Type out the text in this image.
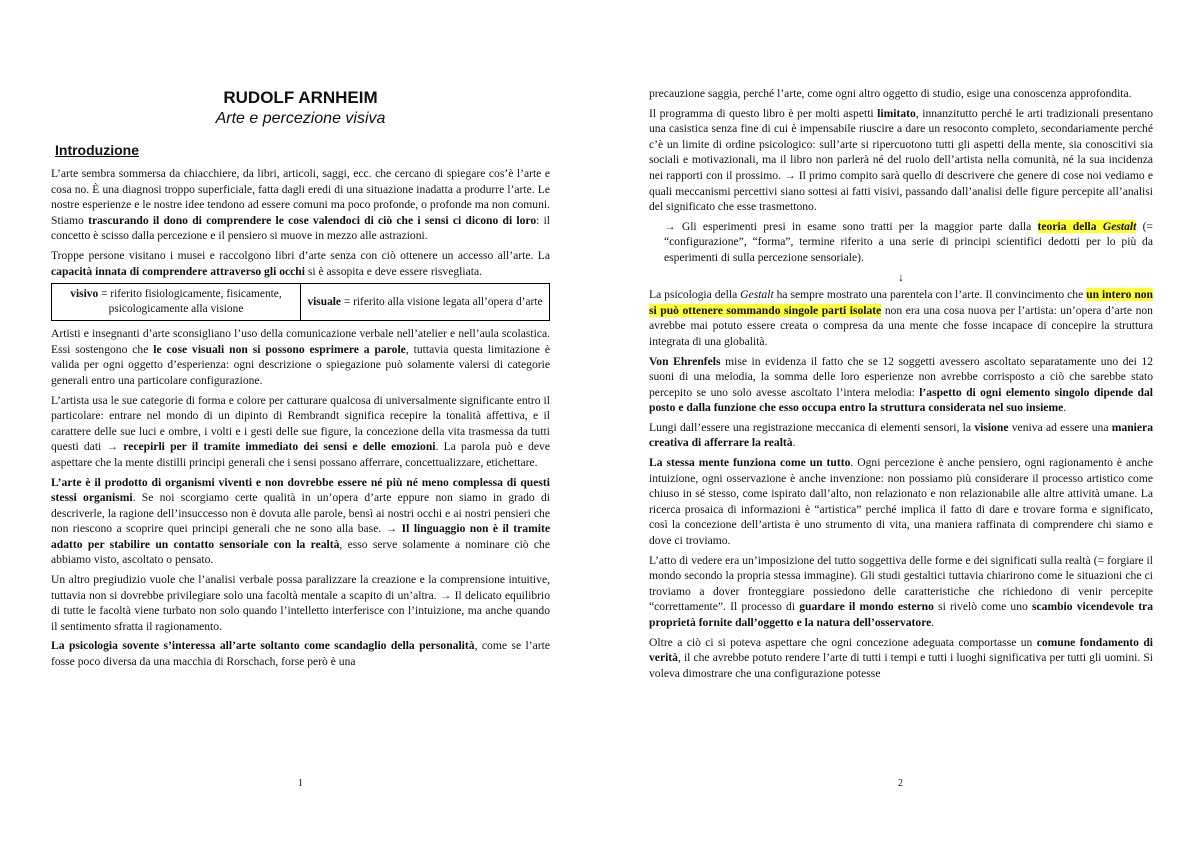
RUDOLF ARNHEIM
Arte e percezione visiva
Introduzione

L’arte sembra sommersa da chiacchiere, da libri, articoli, saggi, ecc. che cercano di spiegare cos’è l’arte e cosa no. È una diagnosi troppo superficiale, fatta dagli eredi di una situazione inadatta a produrre l’arte. Le nostre esperienze e le nostre idee tendono ad essere comuni ma poco profonde, o profonde ma non comuni. Stiamo trascurando il dono di comprendere le cose valendoci di ciò che i sensi ci dicono di loro: il concetto è scisso dalla percezione e il pensiero si muove in mezzo alle astrazioni.

Troppe persone visitano i musei e raccolgono libri d’arte senza con ciò ottenere un accesso all’arte. La capacità innata di comprendere attraverso gli occhi si è assopita e deve essere risvegliata.

visivo = riferito fisiologicamente, fisicamente, psicologicamente alla visione	visuale = riferito alla visione legata all’opera d’arte

Artisti e insegnanti d’arte sconsigliano l’uso della comunicazione verbale nell’atelier e nell’aula scolastica. Essi sostengono che le cose visuali non si possono esprimere a parole, tuttavia questa limitazione è valida per ogni oggetto d’esperienza: ogni descrizione o spiegazione può solamente valersi di categorie generali entro una particolare configurazione.

L’artista usa le sue categorie di forma e colore per catturare qualcosa di universalmente significante entro il particolare: entrare nel mondo di un dipinto di Rembrandt significa recepire la tonalità affettiva, e il carattere delle sue luci e ombre, i volti e i gesti delle sue figure, la concezione della vita trasmessa da tutti questi dati → recepirli per il tramite immediato dei sensi e delle emozioni. La parola può e deve aspettare che la mente distilli principi generali che i sensi possano afferrare, concettualizzare, etichettare.

L’arte è il prodotto di organismi viventi e non dovrebbe essere né più né meno complessa di questi stessi organismi. Se noi scorgiamo certe qualità in un’opera d’arte eppure non siamo in grado di descriverle, la ragione dell’insuccesso non è dovuta alle parole, bensì ai nostri occhi e ai nostri pensieri che non riescono a scoprire quei principi generali che ne sono alla base. → Il linguaggio non è il tramite adatto per stabilire un contatto sensoriale con la realtà, esso serve solamente a nominare ciò che abbiamo visto, ascoltato o pensato.

Un altro pregiudizio vuole che l’analisi verbale possa paralizzare la creazione e la comprensione intuitive, tuttavia non si dovrebbe privilegiare solo una facoltà mentale a scapito di un’altra. → Il delicato equilibrio di tutte le facoltà viene turbato non solo quando l’intelletto interferisce con l’intuizione, ma anche quando il sentimento sfratta il ragionamento.

La psicologia sovente s’interessa all’arte soltanto come scandaglio della personalità, come se l’arte fosse poco diversa da una macchia di Rorschach, forse però è una

1

precauzione saggia, perché l’arte, come ogni altro oggetto di studio, esige una conoscenza approfondita.

Il programma di questo libro è per molti aspetti limitato, innanzitutto perché le arti tradizionali presentano una casistica senza fine di cui è impensabile riuscire a dare un resoconto completo, secondariamente perché c’è un limite di ordine psicologico: sull’arte si ripercuotono tutti gli aspetti della mente, sia conoscitivi sia sociali e motivazionali, ma il libro non parlerà né del ruolo dell’artista nella comunità, né la sua incidenza nei rapporti con il prossimo. → Il primo compito sarà quello di descrivere che genere di cose noi vediamo e quali meccanismi percettivi siano sottesi ai fatti visivi, passando dall’analisi delle figure percepite all’analisi del significato che esse trasmettono.

→ Gli esperimenti presi in esame sono tratti per la maggior parte dalla teoria della Gestalt (= “configurazione”, “forma”, termine riferito a una serie di principi scientifici dedotti per lo più da esperimenti di sulla percezione sensoriale).

↓

La psicologia della Gestalt ha sempre mostrato una parentela con l’arte. Il convincimento che un intero non si può ottenere sommando singole parti isolate non era una cosa nuova per l’artista: un’opera d’arte non avrebbe mai potuto essere creata o compresa da una mente che fosse incapace di concepire la struttura integrata di una globalità.

Von Ehrenfels mise in evidenza il fatto che se 12 soggetti avessero ascoltato separatamente uno dei 12 suoni di una melodia, la somma delle loro esperienze non avrebbe corrisposto a ciò che sarebbe stato percepito se uno solo avesse ascoltato l’intera melodia: l’aspetto di ogni elemento singolo dipende dal posto e dalla funzione che esso occupa entro la struttura considerata nel suo insieme.

Lungi dall’essere una registrazione meccanica di elementi sensori, la visione veniva ad essere una maniera creativa di afferrare la realtà.

La stessa mente funziona come un tutto. Ogni percezione è anche pensiero, ogni ragionamento è anche intuizione, ogni osservazione è anche invenzione: non possiamo più considerare il processo artistico come chiuso in sé stesso, come ispirato dall’alto, non relazionato e non relazionabile alle altre attività umane. La ricerca prosaica di informazioni è “artistica” perché implica il fatto di dare e trovare forma e significato, così la concezione dell’artista è uno strumento di vita, una maniera raffinata di comprendere chi siamo e dove ci troviamo.

L’atto di vedere era un’imposizione del tutto soggettiva delle forme e dei significati sulla realtà (= forgiare il mondo secondo la propria stessa immagine). Gli studi gestaltici tuttavia chiarirono come le situazioni che ci troviamo a dover fronteggiare possiedono delle caratteristiche che richiedono di venir percepite “correttamente”. Il processo di guardare il mondo esterno si rivelò come uno scambio vicendevole tra proprietà fornite dall’oggetto e la natura dell’osservatore.

Oltre a ciò ci si poteva aspettare che ogni concezione adeguata comportasse un comune fondamento di verità, il che avrebbe potuto rendere l’arte di tutti i tempi e tutti i luoghi significativa per tutti gli uomini. Si voleva dimostrare che una configurazione potesse

2
